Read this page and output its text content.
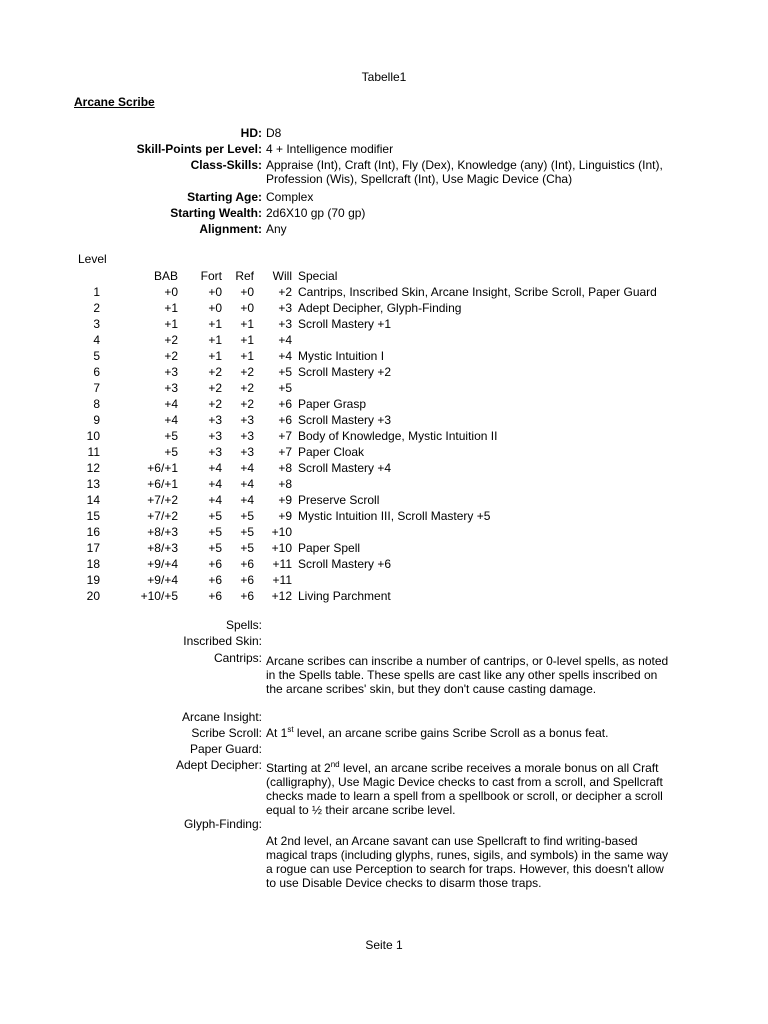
Tabelle1
Arcane Scribe
HD: D8
Skill-Points per Level: 4 + Intelligence modifier
Class-Skills: Appraise (Int), Craft (Int), Fly (Dex), Knowledge (any) (Int), Linguistics (Int), Profession (Wis), Spellcraft (Int), Use Magic Device (Cha)
Starting Age: Complex
Starting Wealth: 2d6X10 gp (70 gp)
Alignment: Any
Level
	BAB	Fort	Ref	Will	Special
1	+0	+0	+0	+2	Cantrips, Inscribed Skin, Arcane Insight, Scribe Scroll, Paper Guard
2	+1	+0	+0	+3	Adept Decipher, Glyph-Finding
3	+1	+1	+1	+3	Scroll Mastery +1
4	+2	+1	+1	+4	
5	+2	+1	+1	+4	Mystic Intuition I
6	+3	+2	+2	+5	Scroll Mastery +2
7	+3	+2	+2	+5	
8	+4	+2	+2	+6	Paper Grasp
9	+4	+3	+3	+6	Scroll Mastery +3
10	+5	+3	+3	+7	Body of Knowledge, Mystic Intuition II
11	+5	+3	+3	+7	Paper Cloak
12	+6/+1	+4	+4	+8	Scroll Mastery +4
13	+6/+1	+4	+4	+8	
14	+7/+2	+4	+4	+9	Preserve Scroll
15	+7/+2	+5	+5	+9	Mystic Intuition III, Scroll Mastery +5
16	+8/+3	+5	+5	+10	
17	+8/+3	+5	+5	+10	Paper Spell
18	+9/+4	+6	+6	+11	Scroll Mastery +6
19	+9/+4	+6	+6	+11	
20	+10/+5	+6	+6	+12	Living Parchment
Spells:
Inscribed Skin:
Cantrips: Arcane scribes can inscribe a number of cantrips, or 0-level spells, as noted in the Spells table. These spells are cast like any other spells inscribed on the arcane scribes' skin, but they don't cause casting damage.
Arcane Insight:
Scribe Scroll: At 1st level, an arcane scribe gains Scribe Scroll as a bonus feat.
Paper Guard:
Adept Decipher: Starting at 2nd level, an arcane scribe receives a morale bonus on all Craft (calligraphy), Use Magic Device checks to cast from a scroll, and Spellcraft checks made to learn a spell from a spellbook or scroll, or decipher a scroll equal to ½ their arcane scribe level.
Glyph-Finding:
At 2nd level, an Arcane savant can use Spellcraft to find writing-based magical traps (including glyphs, runes, sigils, and symbols) in the same way a rogue can use Perception to search for traps. However, this doesn't allow to use Disable Device checks to disarm those traps.
Seite 1
